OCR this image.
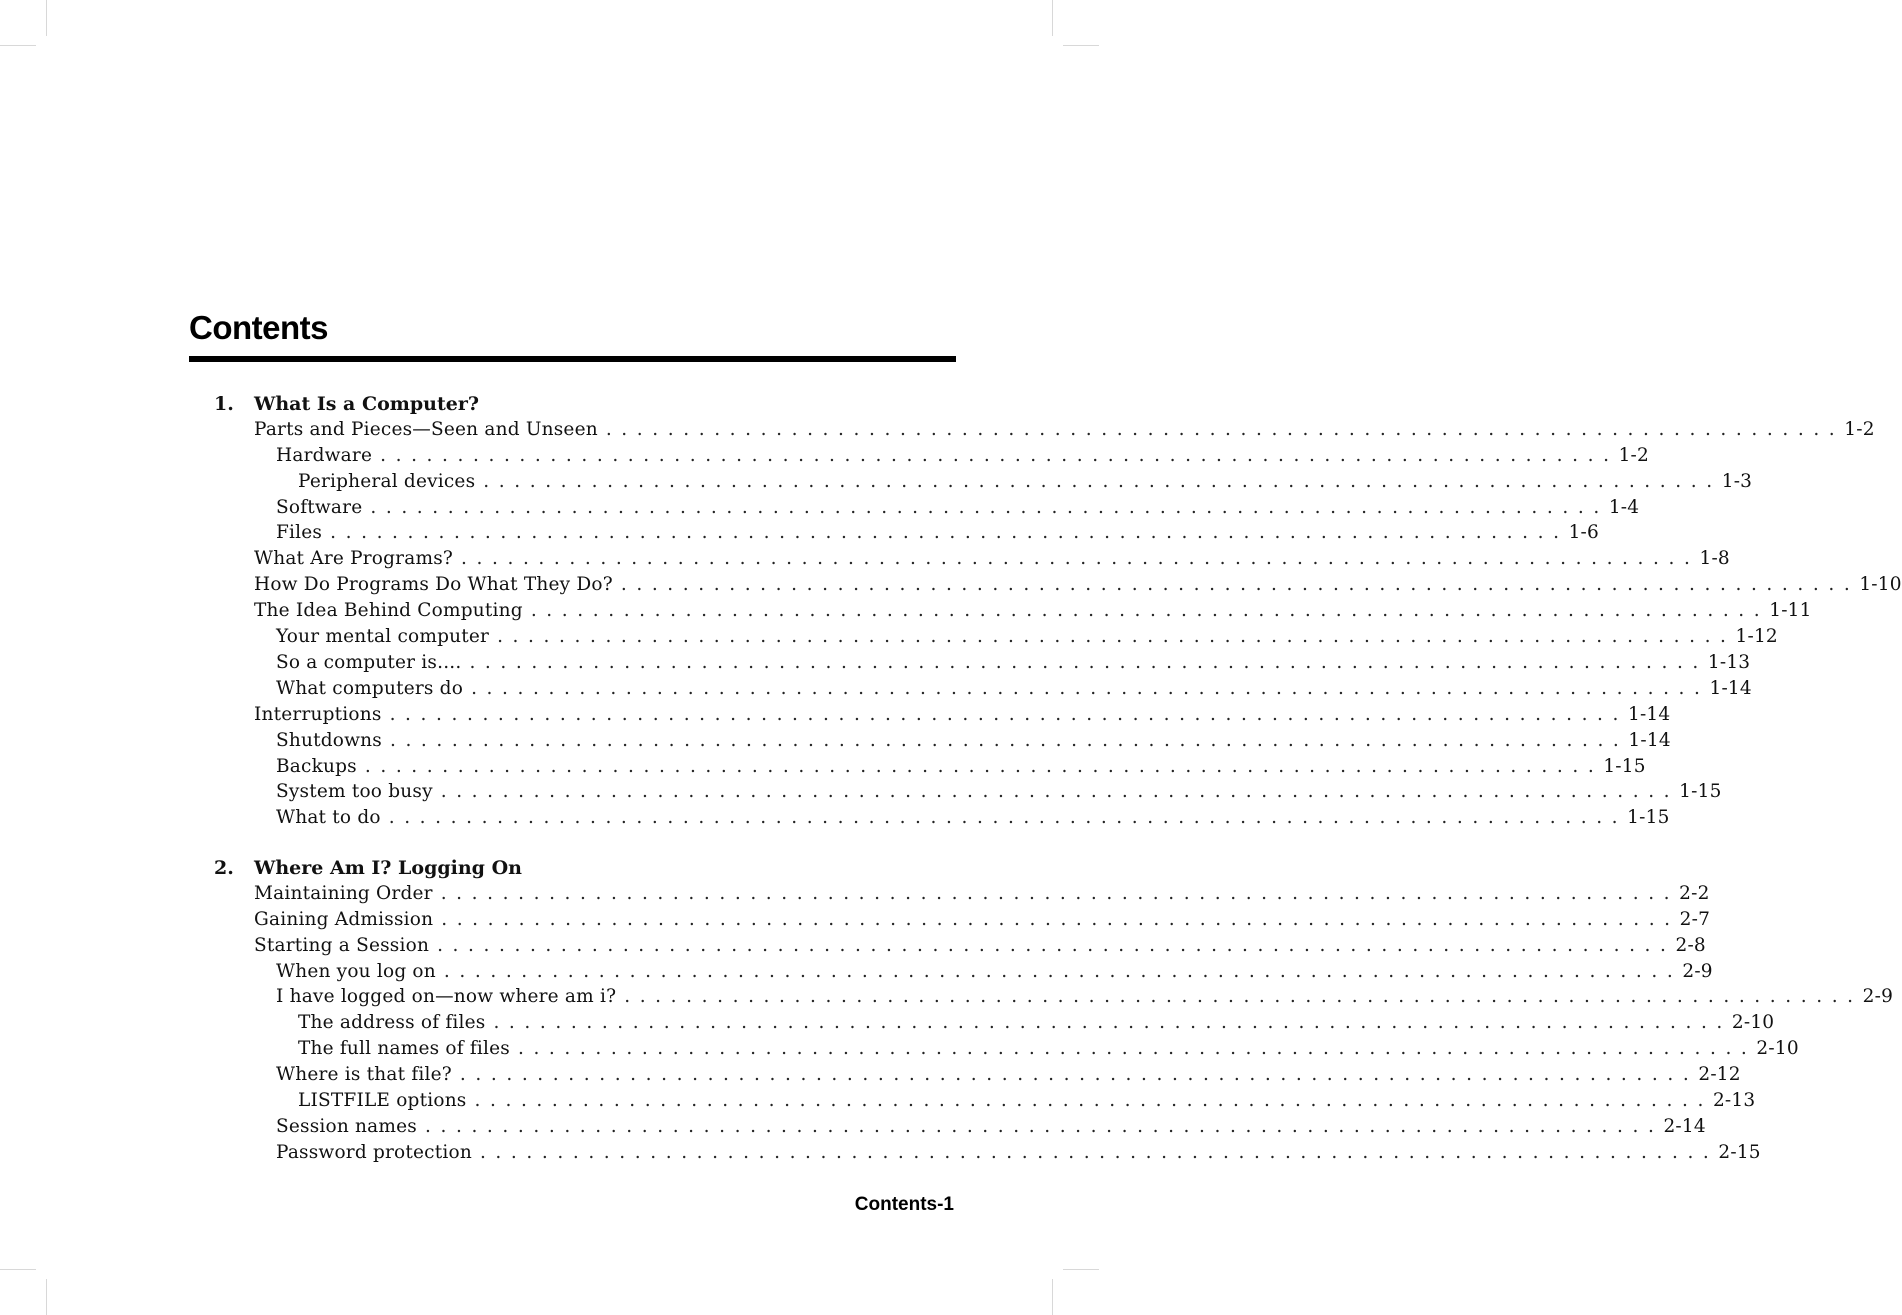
Contents
1. What Is a Computer?
Parts and Pieces—Seen and Unseen ................................................................................ 1-2
Hardware ................................................................................ 1-2
Peripheral devices ................................................................................ 1-3
Software ................................................................................ 1-4
Files ................................................................................ 1-6
What Are Programs? ................................................................................ 1-8
How Do Programs Do What They Do? ................................................................................ 1-10
The Idea Behind Computing ................................................................................ 1-11
Your mental computer ................................................................................ 1-12
So a computer is.... ................................................................................ 1-13
What computers do ................................................................................ 1-14
Interruptions ................................................................................ 1-14
Shutdowns ................................................................................ 1-14
Backups ................................................................................ 1-15
System too busy ................................................................................ 1-15
What to do ................................................................................ 1-15
2. Where Am I? Logging On
Maintaining Order ................................................................................ 2-2
Gaining Admission ................................................................................ 2-7
Starting a Session ................................................................................ 2-8
When you log on ................................................................................ 2-9
I have logged on—now where am i? ................................................................................ 2-9
The address of files ................................................................................ 2-10
The full names of files ................................................................................ 2-10
Where is that file? ................................................................................ 2-12
LISTFILE options ................................................................................ 2-13
Session names ................................................................................ 2-14
Password protection ................................................................................ 2-15
Contents-1
